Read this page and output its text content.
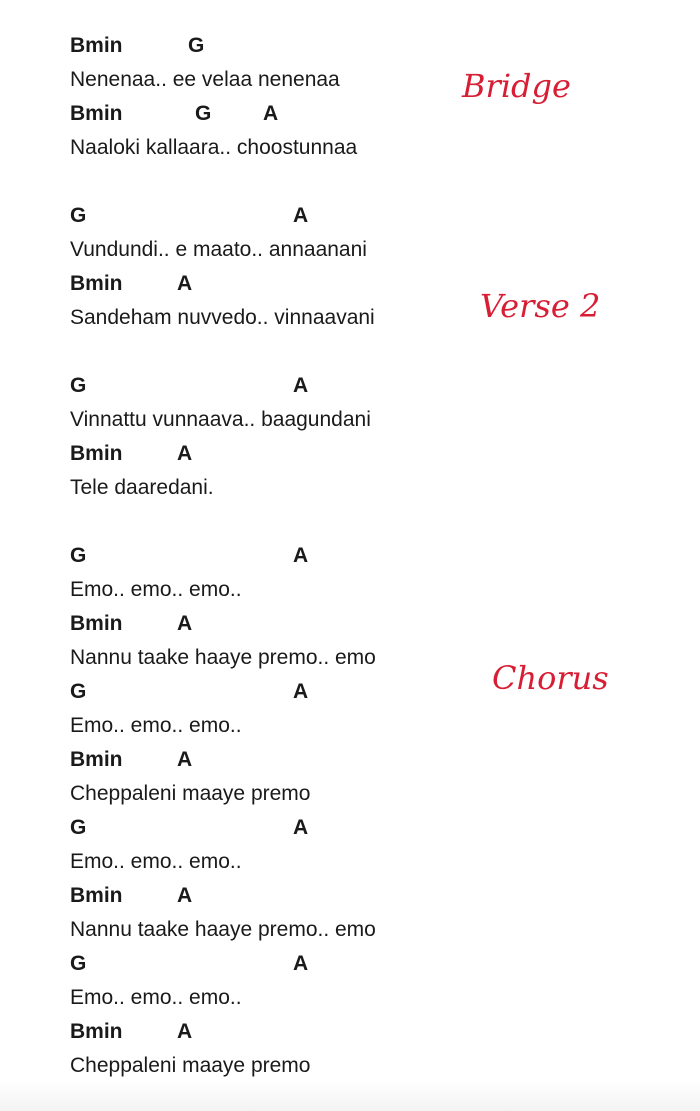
Bmin	G
Nenenaa.. ee velaa nenenaa
Bmin	G A
Naaloki kallaara.. choostunnaa
G	A
Vundundi.. e maato.. annaanani
Bmin	A
Sandeham nuvvedo.. vinnaavani
G	A
Vinnattu vunnaava.. baagundani
Bmin	A
Tele daaredani.
G	A
Emo.. emo.. emo..
Bmin	A
Nannu taake haaye premo.. emo
G	A
Emo.. emo.. emo..
Bmin	A
Cheppaleni maaye premo
G	A
Emo.. emo.. emo..
Bmin	A
Nannu taake haaye premo.. emo
G	A
Emo.. emo.. emo..
Bmin	A
Cheppaleni maaye premo
Bridge
Verse 2
Chorus
